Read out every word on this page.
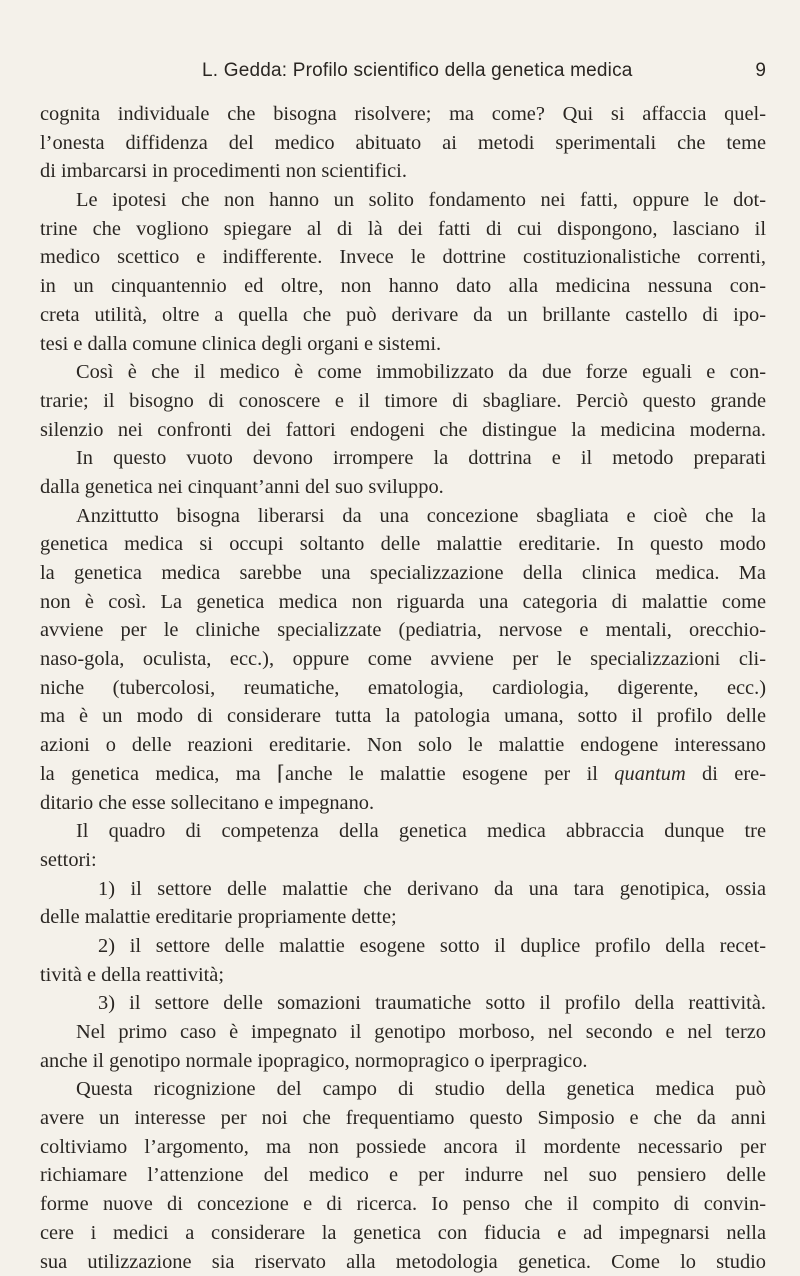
L. Gedda: Profilo scientifico della genetica medica	9
cognita individuale che bisogna risolvere; ma come? Qui si affaccia quel-
l’onesta diffidenza del medico abituato ai metodi sperimentali che teme
di imbarcarsi in procedimenti non scientifici.
Le ipotesi che non hanno un solito fondamento nei fatti, oppure le dot-
trine che vogliono spiegare al di là dei fatti di cui dispongono, lasciano il
medico scettico e indifferente. Invece le dottrine costituzionalistiche correnti,
in un cinquantennio ed oltre, non hanno dato alla medicina nessuna con-
creta utilità, oltre a quella che può derivare da un brillante castello di ipo-
tesi e dalla comune clinica degli organi e sistemi.
Così è che il medico è come immobilizzato da due forze eguali e con-
trarie; il bisogno di conoscere e il timore di sbagliare. Perciò questo grande
silenzio nei confronti dei fattori endogeni che distingue la medicina moderna.
In questo vuoto devono irrompere la dottrina e il metodo preparati
dalla genetica nei cinquant’anni del suo sviluppo.
Anzittutto bisogna liberarsi da una concezione sbagliata e cioè che la
genetica medica si occupi soltanto delle malattie ereditarie. In questo modo
la genetica medica sarebbe una specializzazione della clinica medica. Ma
non è così. La genetica medica non riguarda una categoria di malattie come
avviene per le cliniche specializzate (pediatria, nervose e mentali, orecchio-
naso-gola, oculista, ecc.), oppure come avviene per le specializzazioni cli-
niche (tubercolosi, reumatiche, ematologia, cardiologia, digerente, ecc.)
ma è un modo di considerare tutta la patologia umana, sotto il profilo delle
azioni o delle reazioni ereditarie. Non solo le malattie endogene interessano
la genetica medica, ma ⌈anche le malattie esogene per il quantum di ere-
ditario che esse sollecitano e impegnano.
Il quadro di competenza della genetica medica abbraccia dunque tre
settori:
1) il settore delle malattie che derivano da una tara genotipica, ossia
delle malattie ereditarie propriamente dette;
2) il settore delle malattie esogene sotto il duplice profilo della recet-
tività e della reattività;
3) il settore delle somazioni traumatiche sotto il profilo della reattività.
Nel primo caso è impegnato il genotipo morboso, nel secondo e nel terzo
anche il genotipo normale ipopragico, normopragico o iperpragico.
Questa ricognizione del campo di studio della genetica medica può
avere un interesse per noi che frequentiamo questo Simposio e che da anni
coltiviamo l’argomento, ma non possiede ancora il mordente necessario per
richiamare l’attenzione del medico e per indurre nel suo pensiero delle
forme nuove di concezione e di ricerca. Io penso che il compito di convin-
cere i medici a considerare la genetica con fiducia e ad impegnarsi nella
sua utilizzazione sia riservato alla metodologia genetica. Come lo studio
